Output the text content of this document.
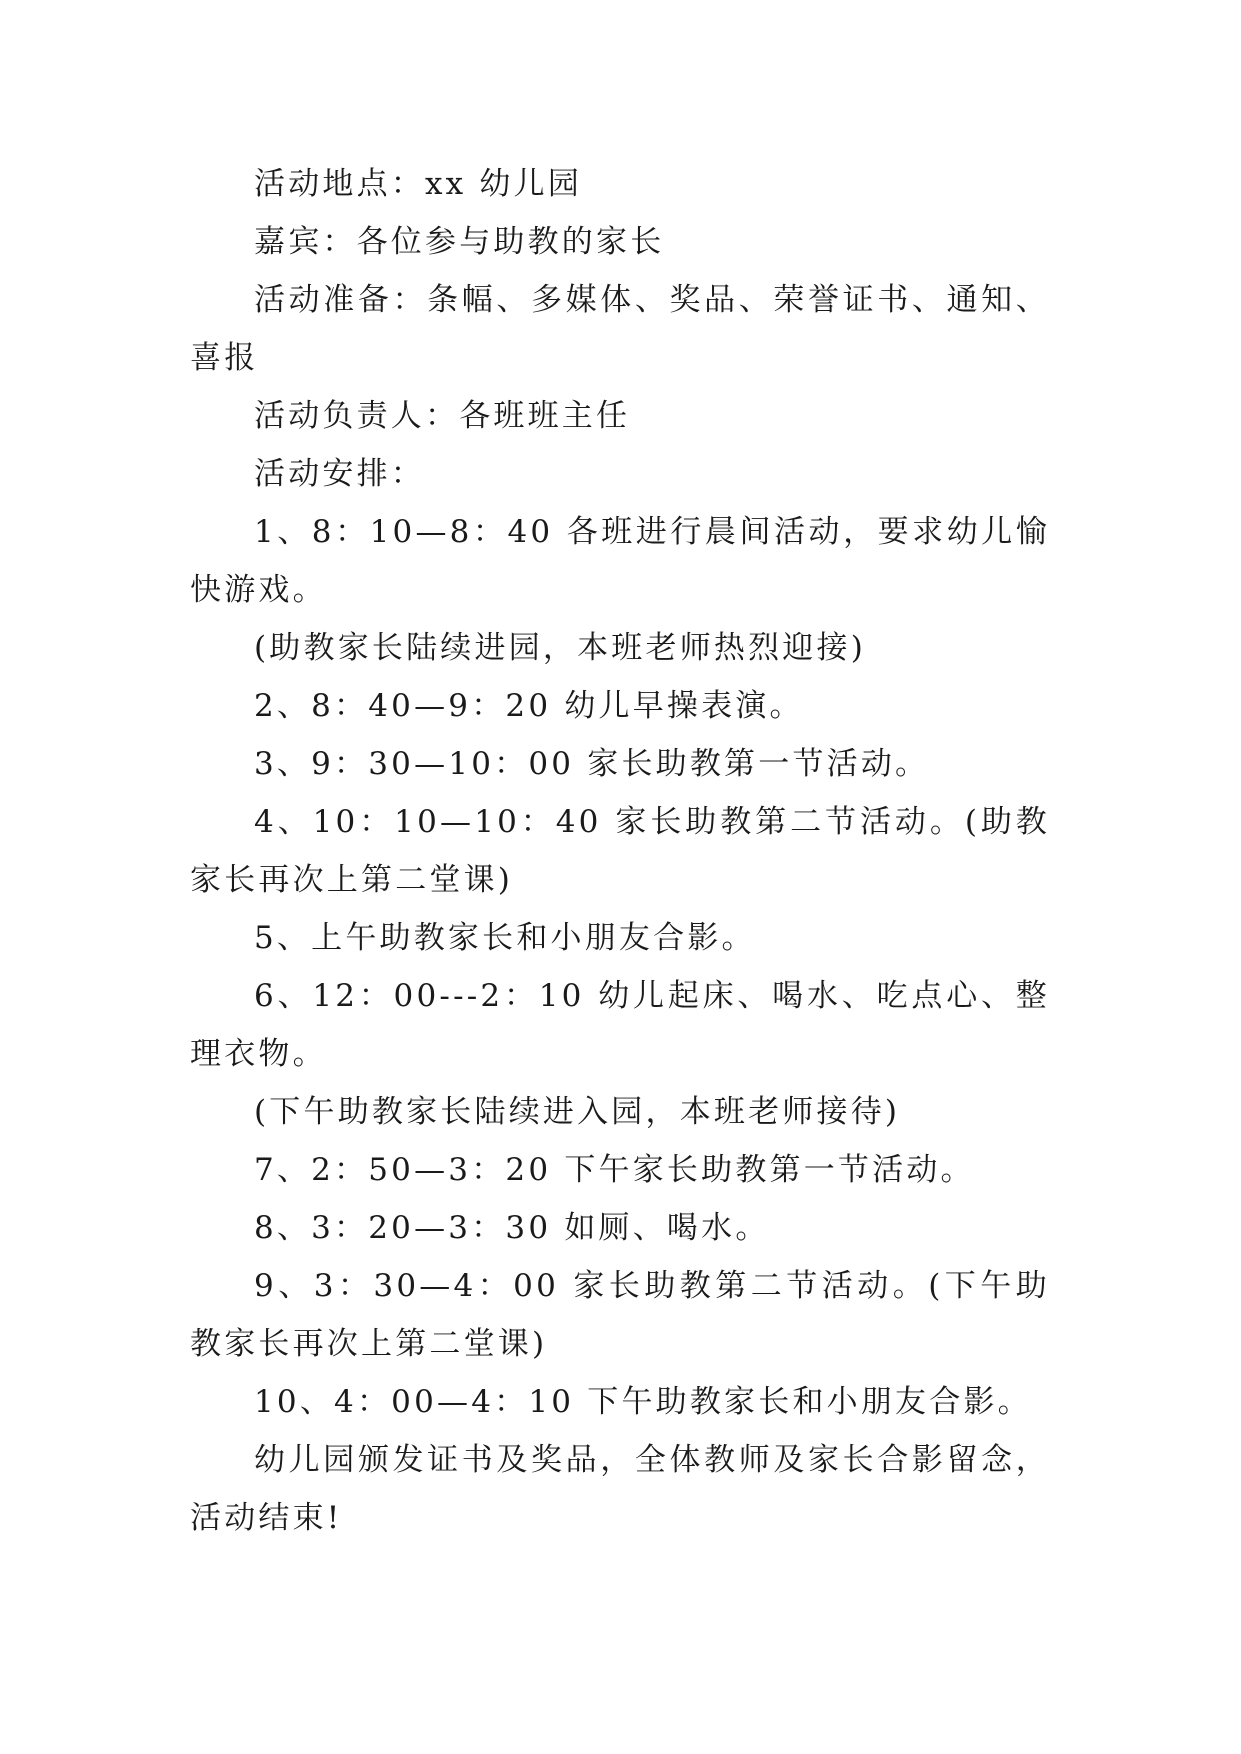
活动地点：xx 幼儿园

嘉宾：各位参与助教的家长

活动准备：条幅、多媒体、奖品、荣誉证书、通知、喜报

活动负责人：各班班主任

活动安排：

1、8：10—8：40 各班进行晨间活动，要求幼儿愉快游戏。

(助教家长陆续进园，本班老师热烈迎接)

2、8：40—9：20 幼儿早操表演。

3、9：30—10：00 家长助教第一节活动。

4、10：10—10：40 家长助教第二节活动。(助教家长再次上第二堂课)

5、上午助教家长和小朋友合影。

6、12：00---2：10 幼儿起床、喝水、吃点心、整理衣物。

(下午助教家长陆续进入园，本班老师接待)

7、2：50—3：20 下午家长助教第一节活动。

8、3：20—3：30 如厕、喝水。

9、3：30—4：00 家长助教第二节活动。(下午助教家长再次上第二堂课)

10、4：00—4：10 下午助教家长和小朋友合影。

幼儿园颁发证书及奖品，全体教师及家长合影留念，活动结束!
